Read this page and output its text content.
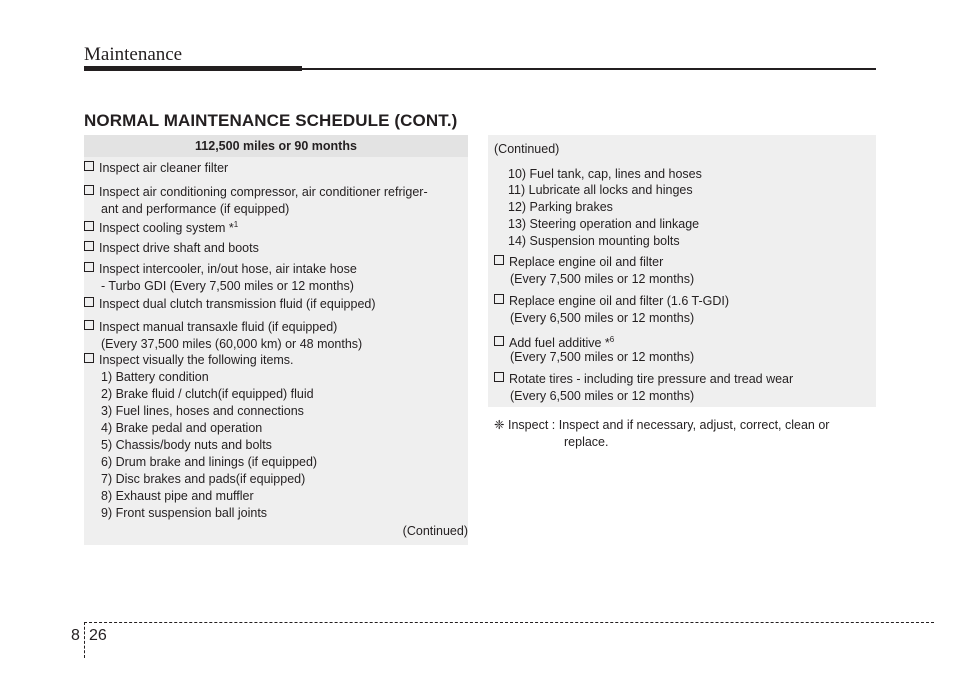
Maintenance
NORMAL MAINTENANCE SCHEDULE (CONT.)
112,500 miles or 90 months
Inspect air cleaner filter
Inspect air conditioning compressor, air conditioner refriger-
ant and performance (if equipped)
Inspect cooling system *$^1$
Inspect drive shaft and boots
Inspect intercooler, in/out hose, air intake hose
- Turbo GDI (Every 7,500 miles or 12 months)
Inspect dual clutch transmission fluid (if equipped)
Inspect manual transaxle fluid (if equipped)
(Every 37,500 miles (60,000 km) or 48 months)
Inspect visually the following items.
1) Battery condition
2) Brake fluid / clutch(if equipped) fluid
3) Fuel lines, hoses and connections
4) Brake pedal and operation
5) Chassis/body nuts and bolts
6) Drum brake and linings (if equipped)
7) Disc brakes and pads(if equipped)
8) Exhaust pipe and muffler
9) Front suspension ball joints
(Continued)
(Continued)
10) Fuel tank, cap, lines and hoses
11) Lubricate all locks and hinges
12) Parking brakes
13) Steering operation and linkage
14) Suspension mounting bolts
Replace engine oil and filter
(Every 7,500 miles or 12 months)
Replace engine oil and filter (1.6 T-GDI)
(Every 6,500 miles or 12 months)
Add fuel additive *$^6$
(Every 7,500 miles or 12 months)
Rotate tires - including tire pressure and tread wear
(Every 6,500 miles or 12 months)
❈ Inspect : Inspect and if necessary, adjust, correct, clean or
replace.
8 26
